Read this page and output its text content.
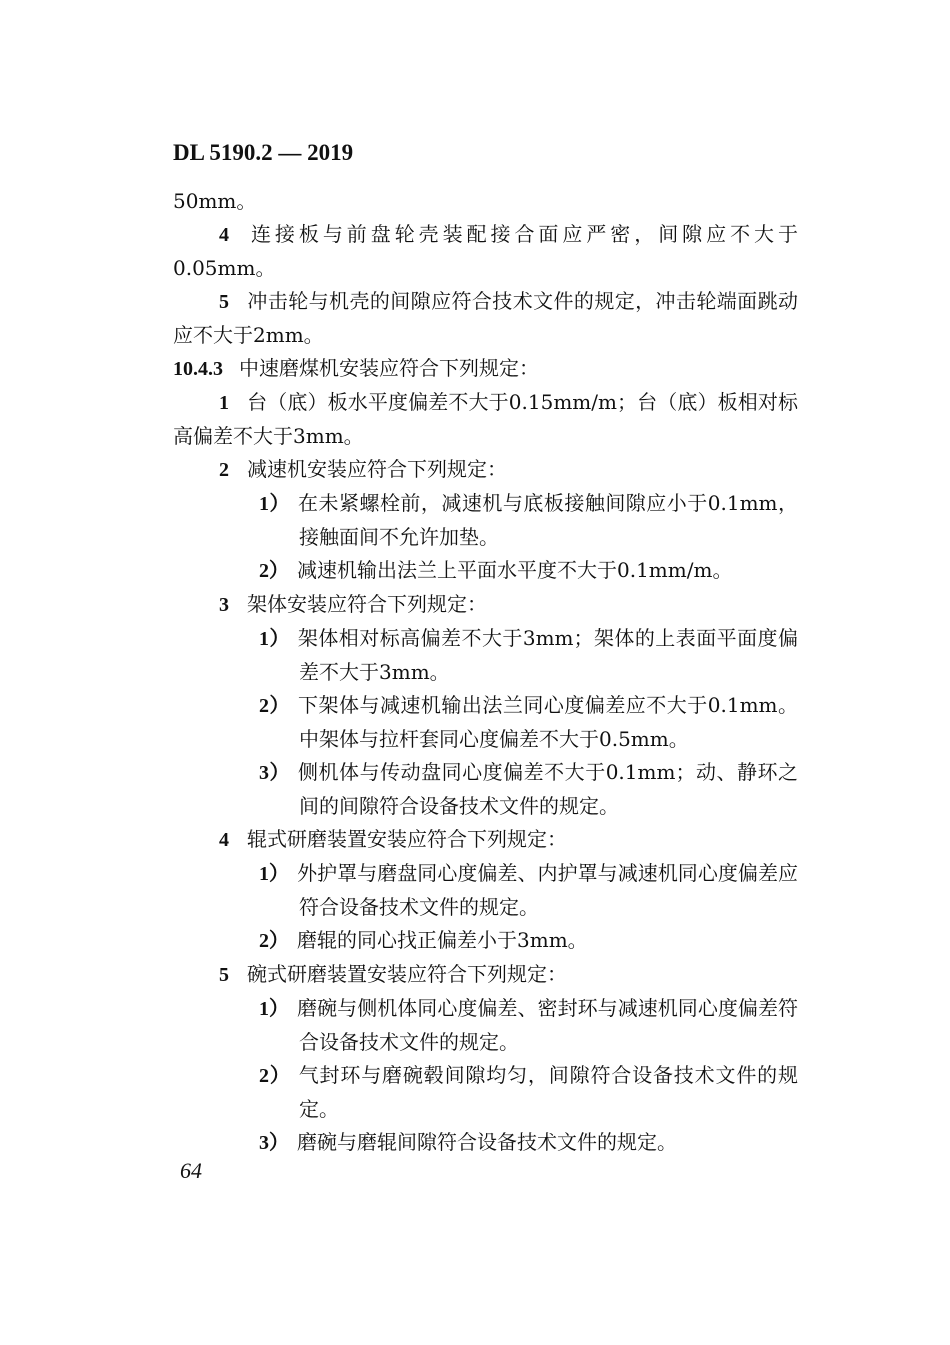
DL 5190.2 — 2019

50mm。

4 连接板与前盘轮壳装配接合面应严密，间隙应不大于0.05mm。

5 冲击轮与机壳的间隙应符合技术文件的规定，冲击轮端面跳动应不大于2mm。

10.4.3 中速磨煤机安装应符合下列规定：

1 台（底）板水平度偏差不大于0.15mm/m；台（底）板相对标高偏差不大于3mm。

2 减速机安装应符合下列规定：

1） 在未紧螺栓前，减速机与底板接触间隙应小于0.1mm，接触面间不允许加垫。

2） 减速机输出法兰上平面水平度不大于0.1mm/m。

3 架体安装应符合下列规定：

1） 架体相对标高偏差不大于3mm；架体的上表面平面度偏差不大于3mm。

2） 下架体与减速机输出法兰同心度偏差应不大于0.1mm。中架体与拉杆套同心度偏差不大于0.5mm。

3） 侧机体与传动盘同心度偏差不大于0.1mm；动、静环之间的间隙符合设备技术文件的规定。

4 辊式研磨装置安装应符合下列规定：

1） 外护罩与磨盘同心度偏差、内护罩与减速机同心度偏差应符合设备技术文件的规定。

2） 磨辊的同心找正偏差小于3mm。

5 碗式研磨装置安装应符合下列规定：

1） 磨碗与侧机体同心度偏差、密封环与减速机同心度偏差符合设备技术文件的规定。

2） 气封环与磨碗毂间隙均匀，间隙符合设备技术文件的规定。

3） 磨碗与磨辊间隙符合设备技术文件的规定。

64
